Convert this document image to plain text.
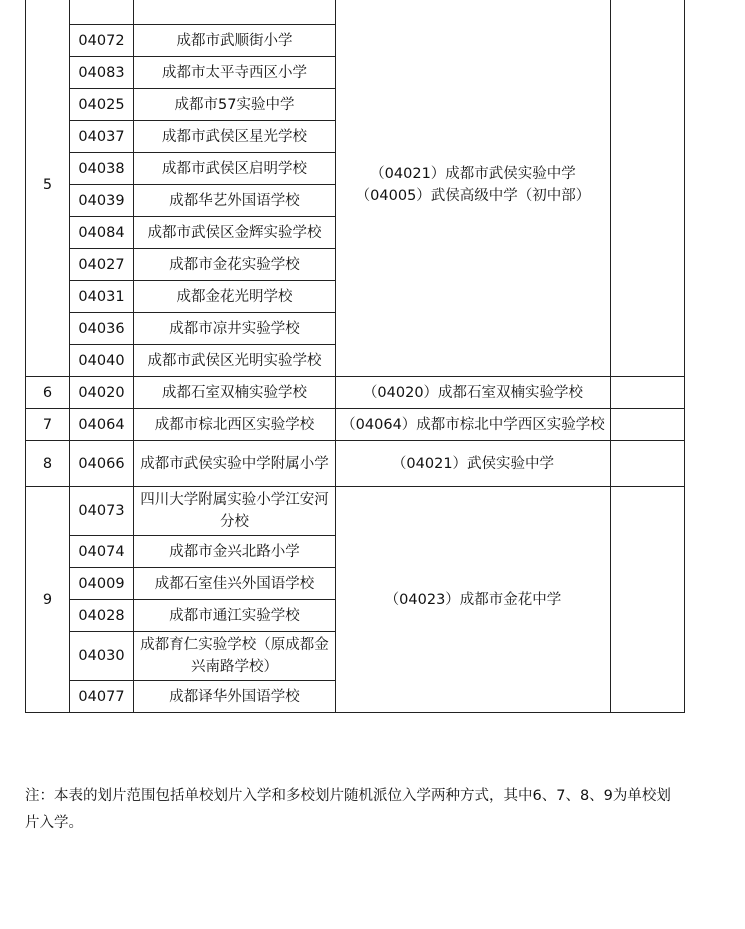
5			（04021）成都市武侯实验中学（04005）武侯高级中学（初中部）	
	04072	成都市武顺街小学		
	04083	成都市太平寺西区小学		
	04025	成都市57实验中学		
	04037	成都市武侯区星光学校		
	04038	成都市武侯区启明学校		
	04039	成都华艺外国语学校		
	04084	成都市武侯区金辉实验学校		
	04027	成都市金花实验学校		
	04031	成都金花光明学校		
	04036	成都市凉井实验学校		
	04040	成都市武侯区光明实验学校		
6	04020	成都石室双楠实验学校	（04020）成都石室双楠实验学校	
7	04064	成都市棕北西区实验学校	（04064）成都市棕北中学西区实验学校	
8	04066	成都市武侯实验中学附属小学	（04021）武侯实验中学	
9	04073	四川大学附属实验小学江安河分校	（04023）成都市金花中学	
	04074	成都市金兴北路小学		
	04009	成都石室佳兴外国语学校		
	04028	成都市通江实验学校		
	04030	成都育仁实验学校（原成都金兴南路学校）		
	04077	成都译华外国语学校		

注：本表的划片范围包括单校划片入学和多校划片随机派位入学两种方式，其中6、7、8、9为单校划片入学。
